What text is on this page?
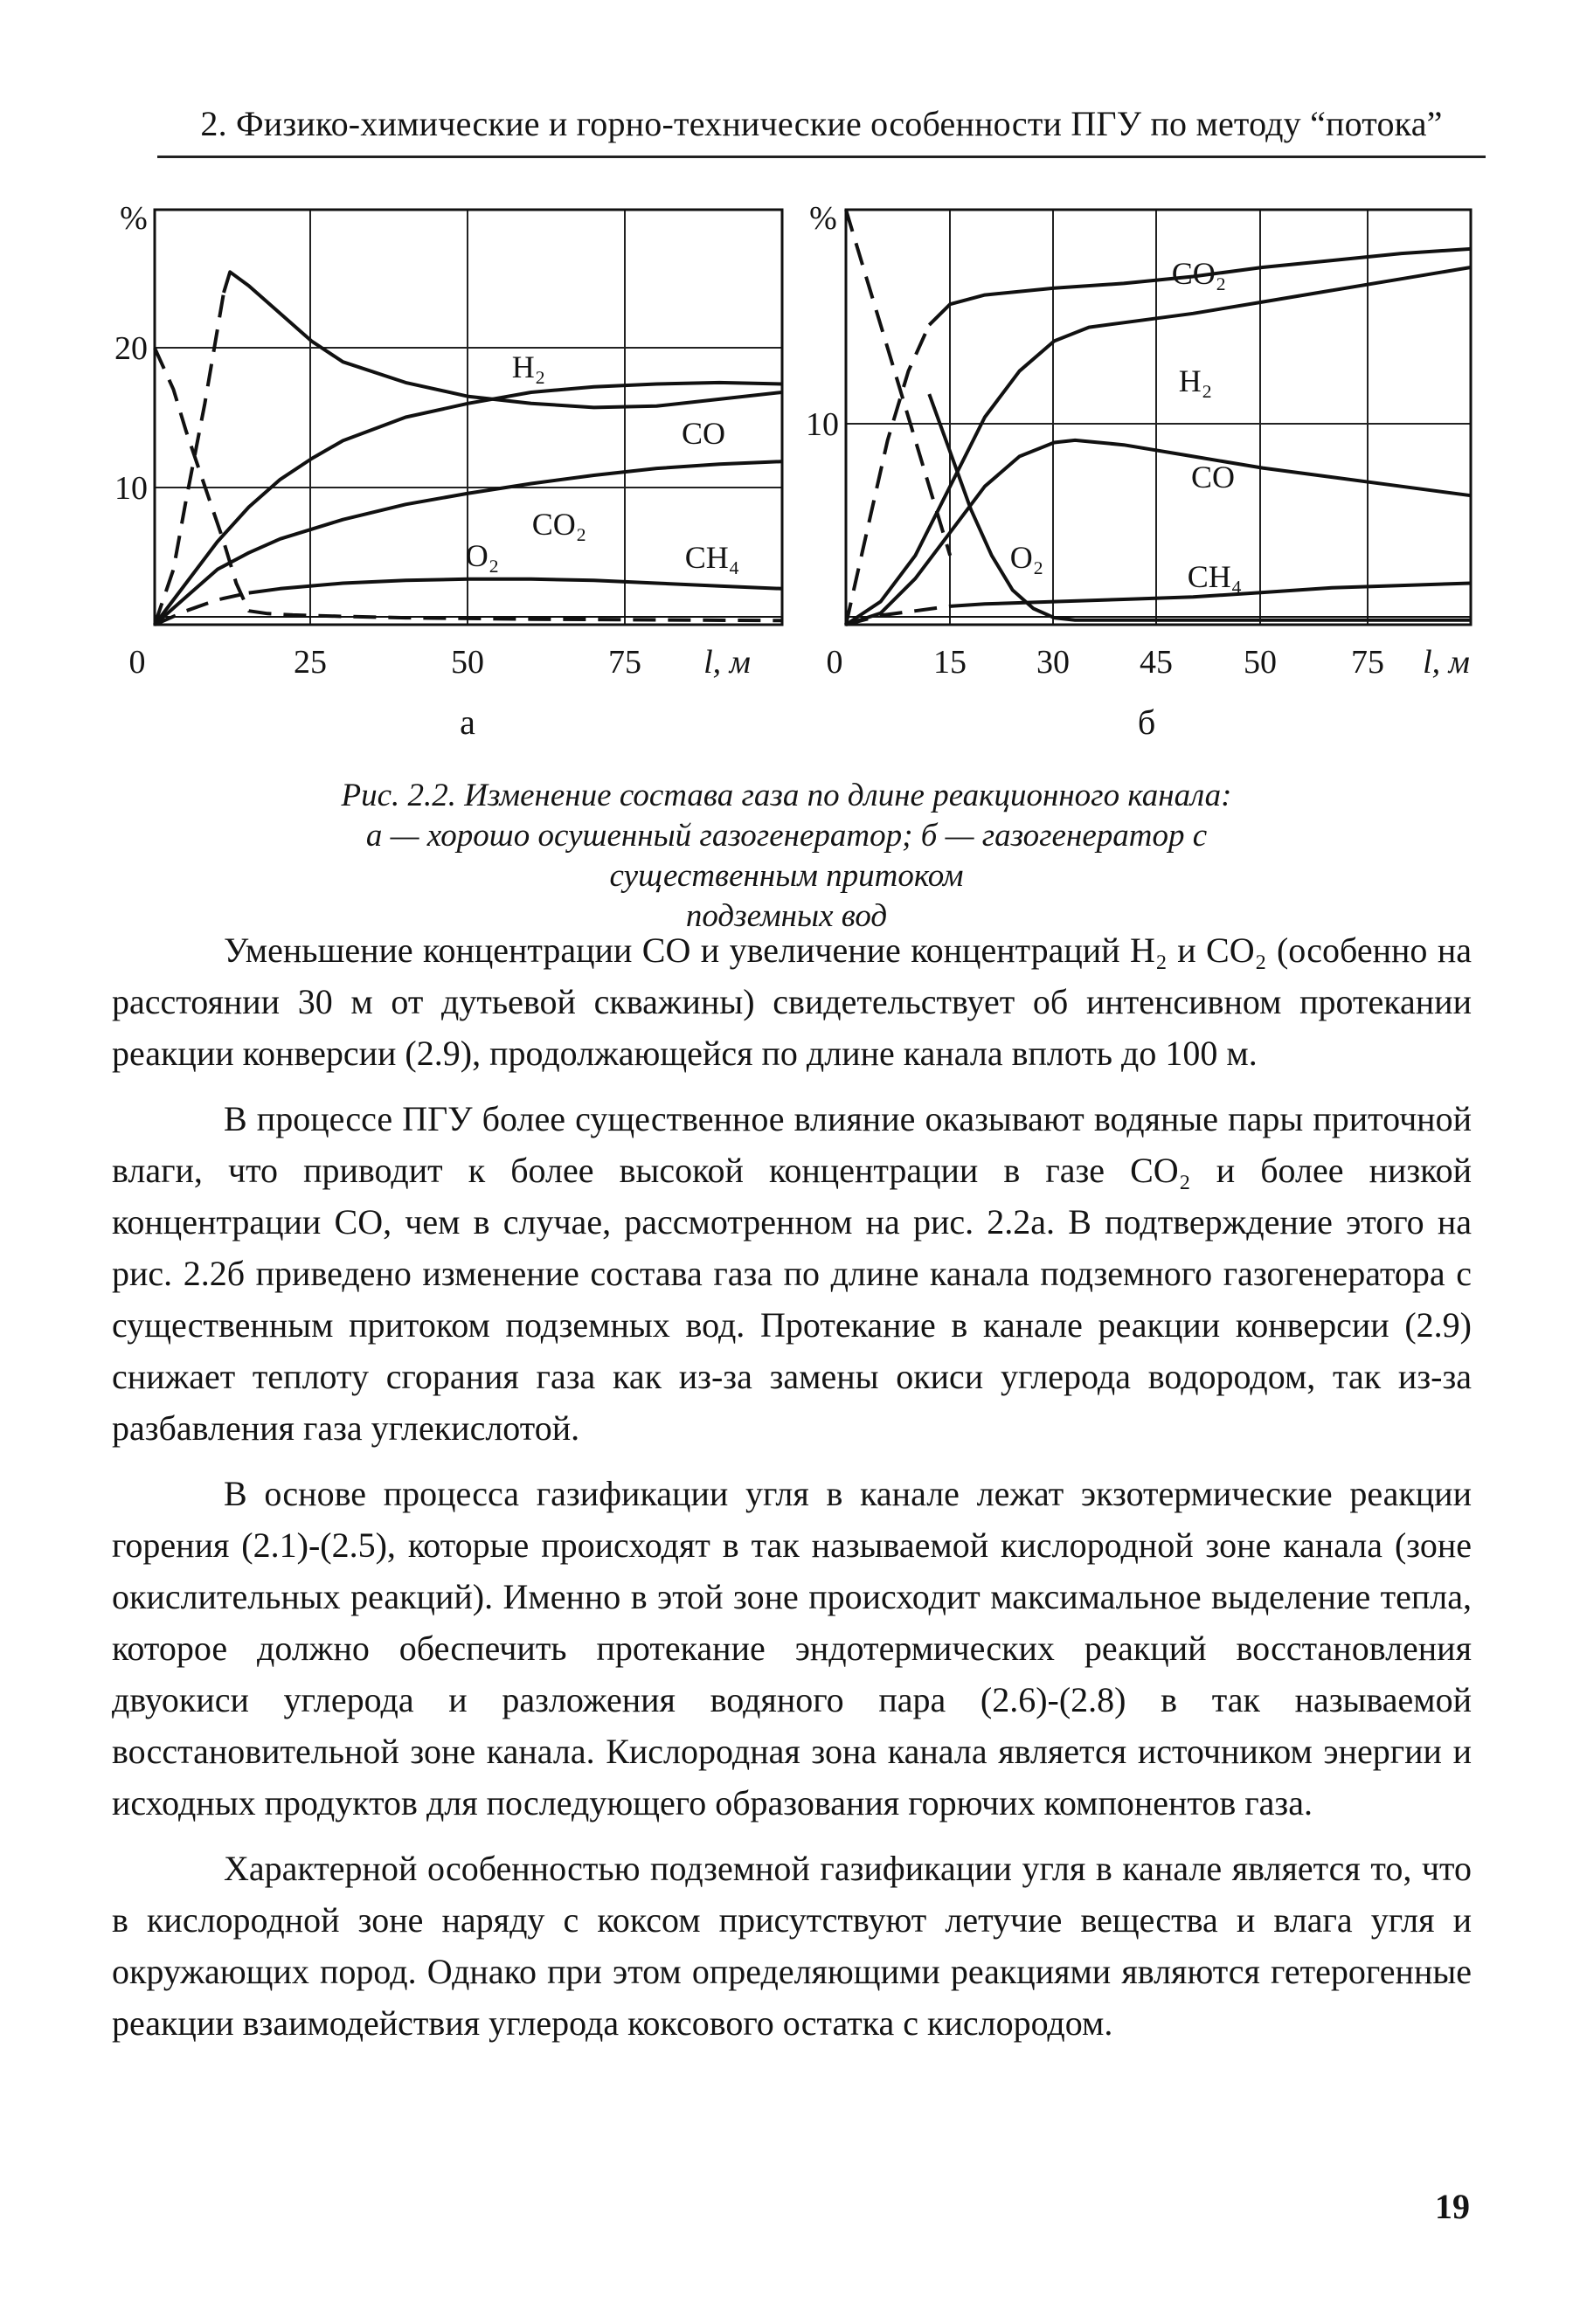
2. Физико-химические и горно-технические особенности ПГУ по методу “потока”
0	25	50	75
10
20
%
l, м
а
H₂
CO
CO₂
O₂	CH₄
0	15 30 45 50 75
10
%
l, м
б
CO₂
H₂
CO
CH₄
O₂

Рис. 2.2. Изменение состава газа по длине реакционного канала:

а — хорошо осушенный газогенератор; б — газогенератор с существенным притоком

подземных вод

Уменьшение концентрации СО и увеличение концентраций Н₂ и СО₂ (особенно на расстоянии 30 м от дутьевой скважины) свидетельствует об интенсивном протекании реакции конверсии (2.9), продолжающейся по длине канала вплоть до 100 м.

В процессе ПГУ более существенное влияние оказывают водяные пары приточной влаги, что приводит к более высокой концентрации в газе СО₂ и более низкой концентрации СО, чем в случае, рассмотренном на рис. 2.2а. В подтверждение этого на рис. 2.2б приведено изменение состава газа по длине канала подземного газогенератора с существенным притоком подземных вод. Протекание в канале реакции конверсии (2.9) снижает теплоту сгорания газа как из-за замены окиси углерода водородом, так из-за разбавления газа углекислотой.

В основе процесса газификации угля в канале лежат экзотермические реакции горения (2.1)-(2.5), которые происходят в так называемой кислородной зоне канала (зоне окислительных реакций). Именно в этой зоне происходит максимальное выделение тепла, которое должно обеспечить протекание эндотермических реакций восстановления двуокиси углерода и разложения водяного пара (2.6)-(2.8) в так называемой восстановительной зоне канала. Кислородная зона канала является источником энергии и исходных продуктов для последующего образования горючих компонентов газа.

Характерной особенностью подземной газификации угля в канале является то, что в кислородной зоне наряду с коксом присутствуют летучие вещества и влага угля и окружающих пород. Однако при этом определяющими реакциями являются гетерогенные реакции взаимодействия углерода коксового остатка с кислородом.

19
